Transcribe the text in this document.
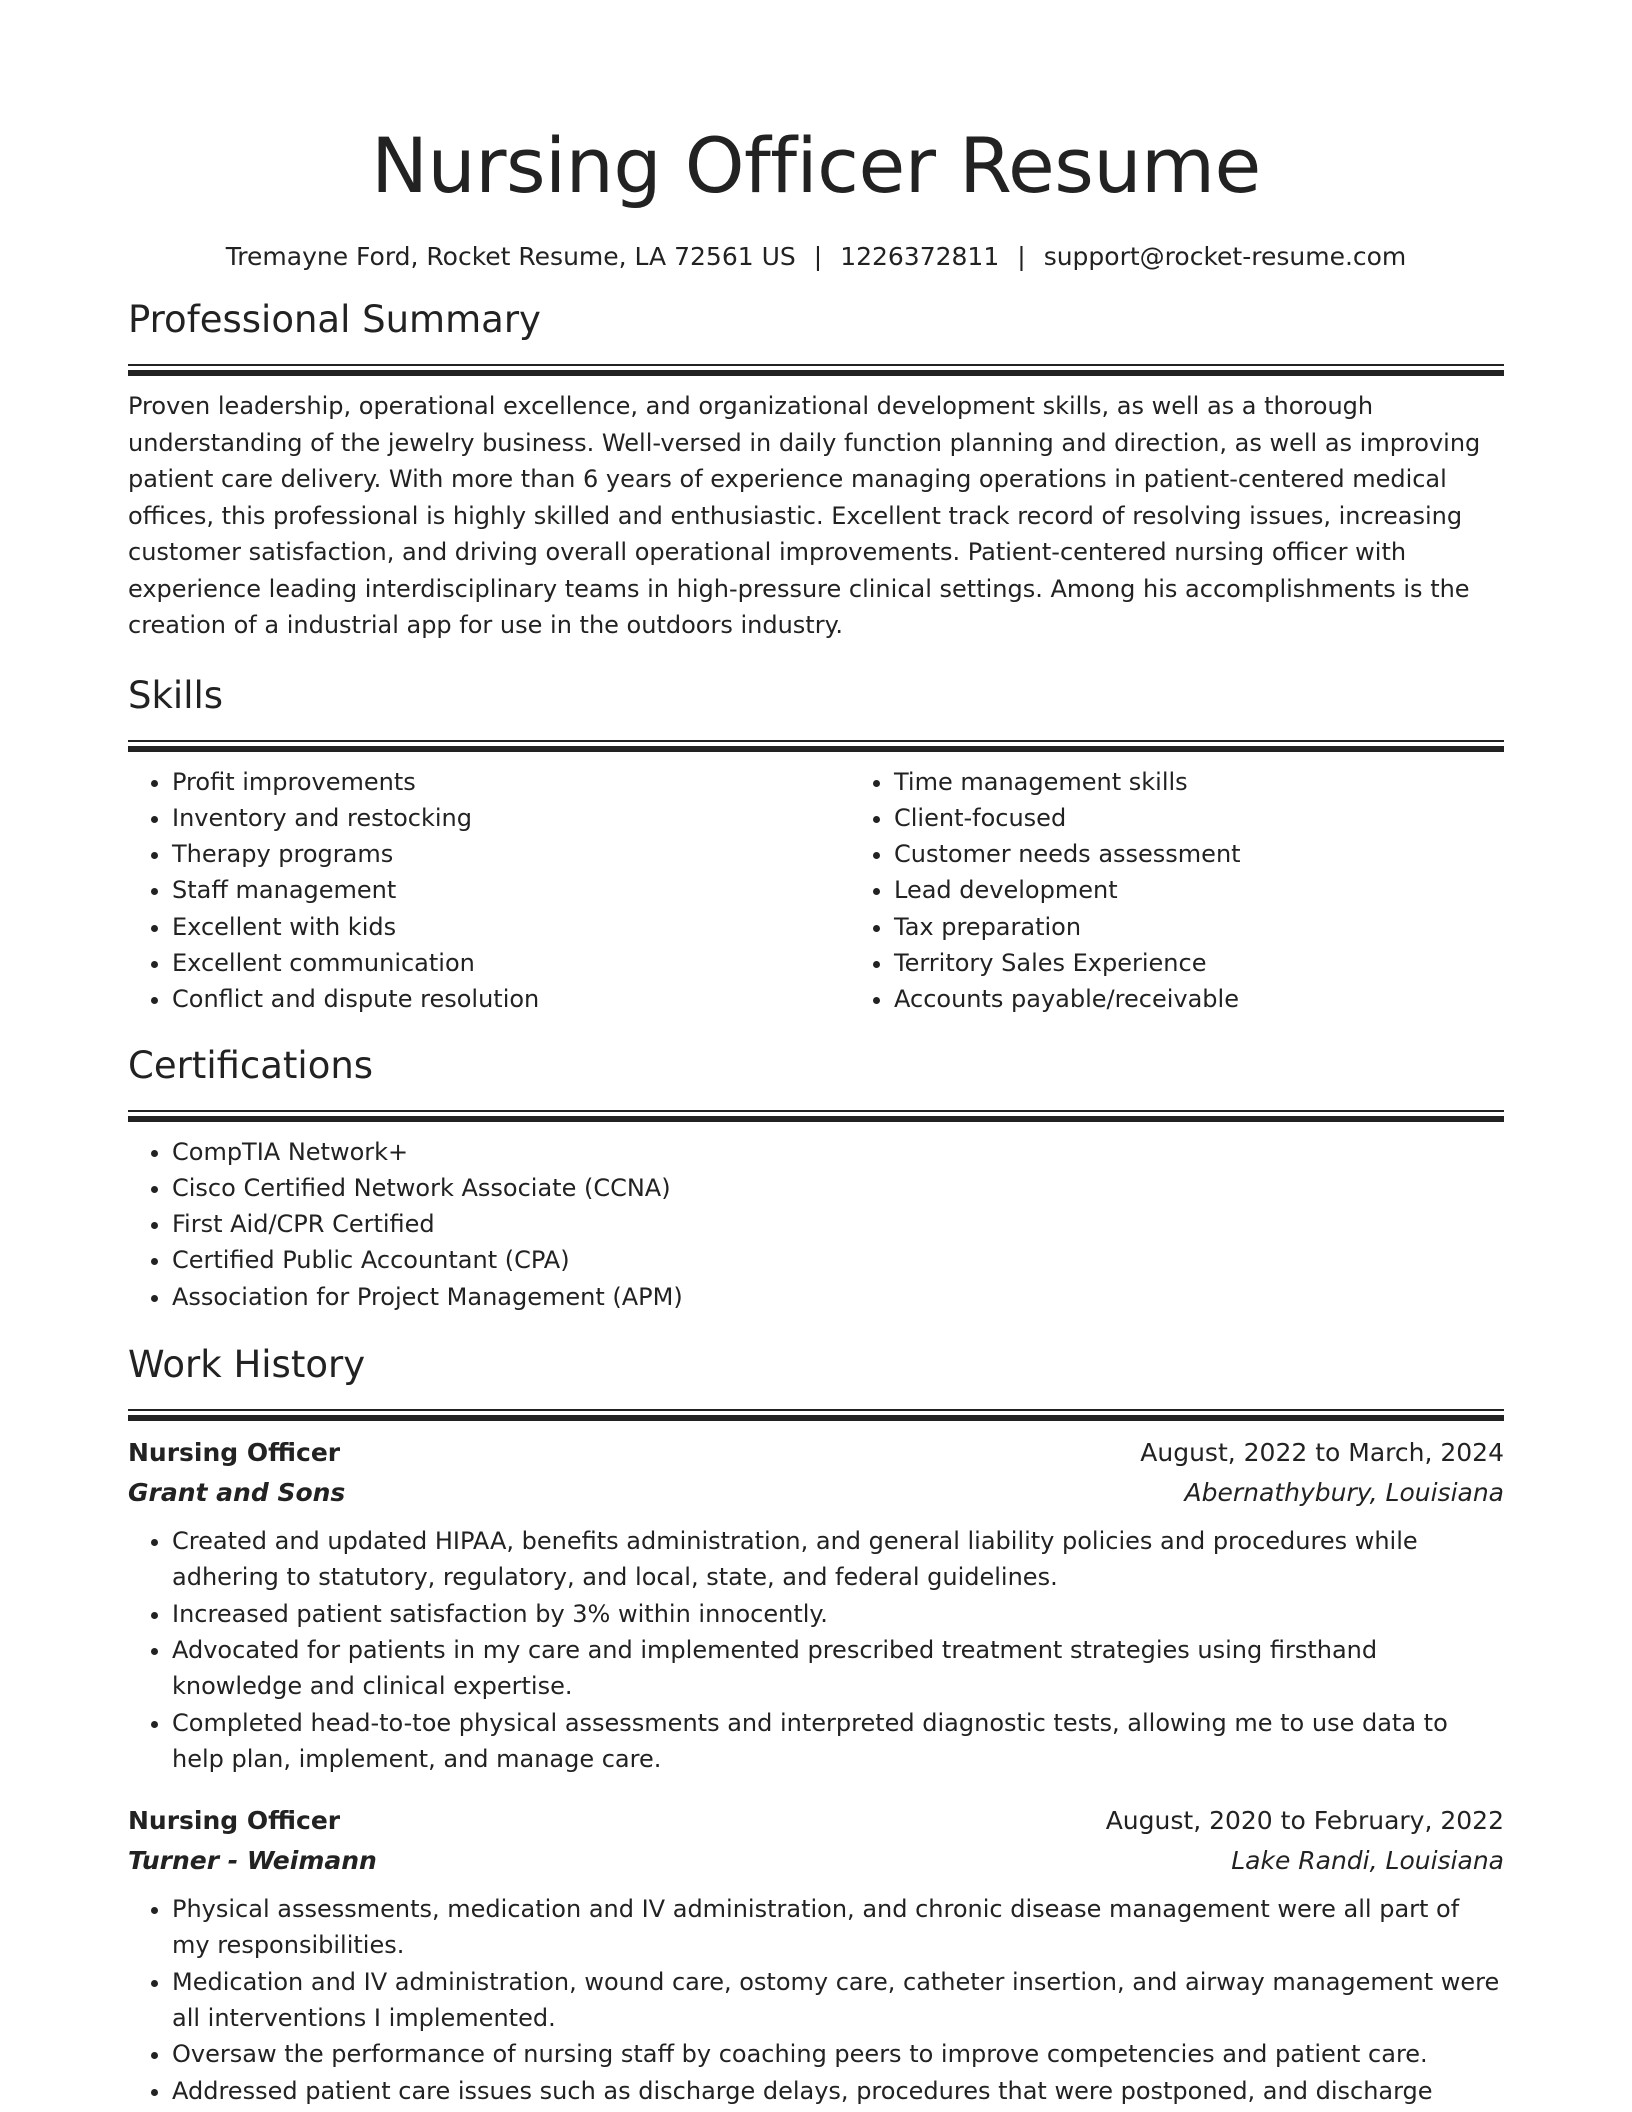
Nursing Officer Resume
Tremayne Ford, Rocket Resume, LA 72561 US | 1226372811 | support@rocket-resume.com
Professional Summary

Proven leadership, operational excellence, and organizational development skills, as well as a thorough understanding of the jewelry business. Well-versed in daily function planning and direction, as well as improving patient care delivery. With more than 6 years of experience managing operations in patient-centered medical offices, this professional is highly skilled and enthusiastic. Excellent track record of resolving issues, increasing customer satisfaction, and driving overall operational improvements. Patient-centered nursing officer with experience leading interdisciplinary teams in high-pressure clinical settings. Among his accomplishments is the creation of a industrial app for use in the outdoors industry.

Skills
• Profit improvements
• Inventory and restocking
• Therapy programs
• Staff management
• Excellent with kids
• Excellent communication
• Conflict and dispute resolution
• Time management skills
• Client-focused
• Customer needs assessment
• Lead development
• Tax preparation
• Territory Sales Experience
• Accounts payable/receivable
Certifications
• CompTIA Network+
• Cisco Certified Network Associate (CCNA)
• First Aid/CPR Certified
• Certified Public Accountant (CPA)
• Association for Project Management (APM)
Work History
Nursing Officer	August, 2022 to March, 2024
Grant and Sons	Abernathybury, Louisiana
• Created and updated HIPAA, benefits administration, and general liability policies and procedures while adhering to statutory, regulatory, and local, state, and federal guidelines.
• Increased patient satisfaction by 3% within innocently.
• Advocated for patients in my care and implemented prescribed treatment strategies using firsthand knowledge and clinical expertise.
• Completed head-to-toe physical assessments and interpreted diagnostic tests, allowing me to use data to help plan, implement, and manage care.
Nursing Officer	August, 2020 to February, 2022
Turner - Weimann	Lake Randi, Louisiana
• Physical assessments, medication and IV administration, and chronic disease management were all part of my responsibilities.
• Medication and IV administration, wound care, ostomy care, catheter insertion, and airway management were all interventions I implemented.
• Oversaw the performance of nursing staff by coaching peers to improve competencies and patient care.
• Addressed patient care issues such as discharge delays, procedures that were postponed, and discharge
